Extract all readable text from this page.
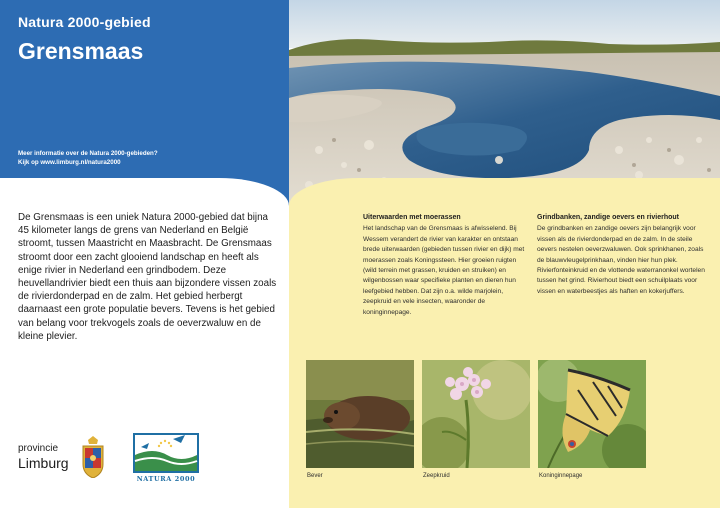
Natura 2000-gebied
Grensmaas
Meer informatie over de Natura 2000-gebieden?
Kijk op www.limburg.nl/natura2000
De Grensmaas is een uniek Natura 2000-gebied dat bijna 45 kilometer langs de grens van Nederland en België stroomt, tussen Maastricht en Maasbracht. De Grensmaas stroomt door een zacht glooiend landschap en heeft als enige rivier in Nederland een grindbodem. Deze heuvellandrivier biedt een thuis aan bijzondere vissen zoals de rivierdonderpad en de zalm. Het gebied herbergt daarnaast een grote populatie bevers. Tevens is het gebied van belang voor trekvogels zoals de oeverzwaluw en de kleine plevier.
Uiterwaarden met moerassen

Het landschap van de Grensmaas is afwisselend. Bij Wessem verandert de rivier van karakter en ontstaan brede uiterwaarden (gebieden tussen rivier en dijk) met moerassen zoals Koningssteen. Hier groeien ruigten (wild terrein met grassen, kruiden en struiken) en wilgenbossen waar specifieke planten en dieren hun leefgebied hebben. Dat zijn o.a. wilde marjolein, zeepkruid en vele insecten, waaronder de koninginnepage.

Grindbanken, zandige oevers en rivierhout

De grindbanken en zandige oevers zijn belangrijk voor vissen als de rivierdonderpad en de zalm. In de steile oevers nestelen oeverzwaluwen. Ook sprinkhanen, zoals de blauwvleugelprinkhaan, vinden hier hun plek. Rivierfonteinkruid en de vlottende waterranonkel wortelen tussen het grind. Rivierhout biedt een schuilplaats voor vissen en waterbeestjes als haften en kokerjuffers.

Bever	Zeepkruid	Koninginnepage
provincie
Limburg
NATURA 2000
